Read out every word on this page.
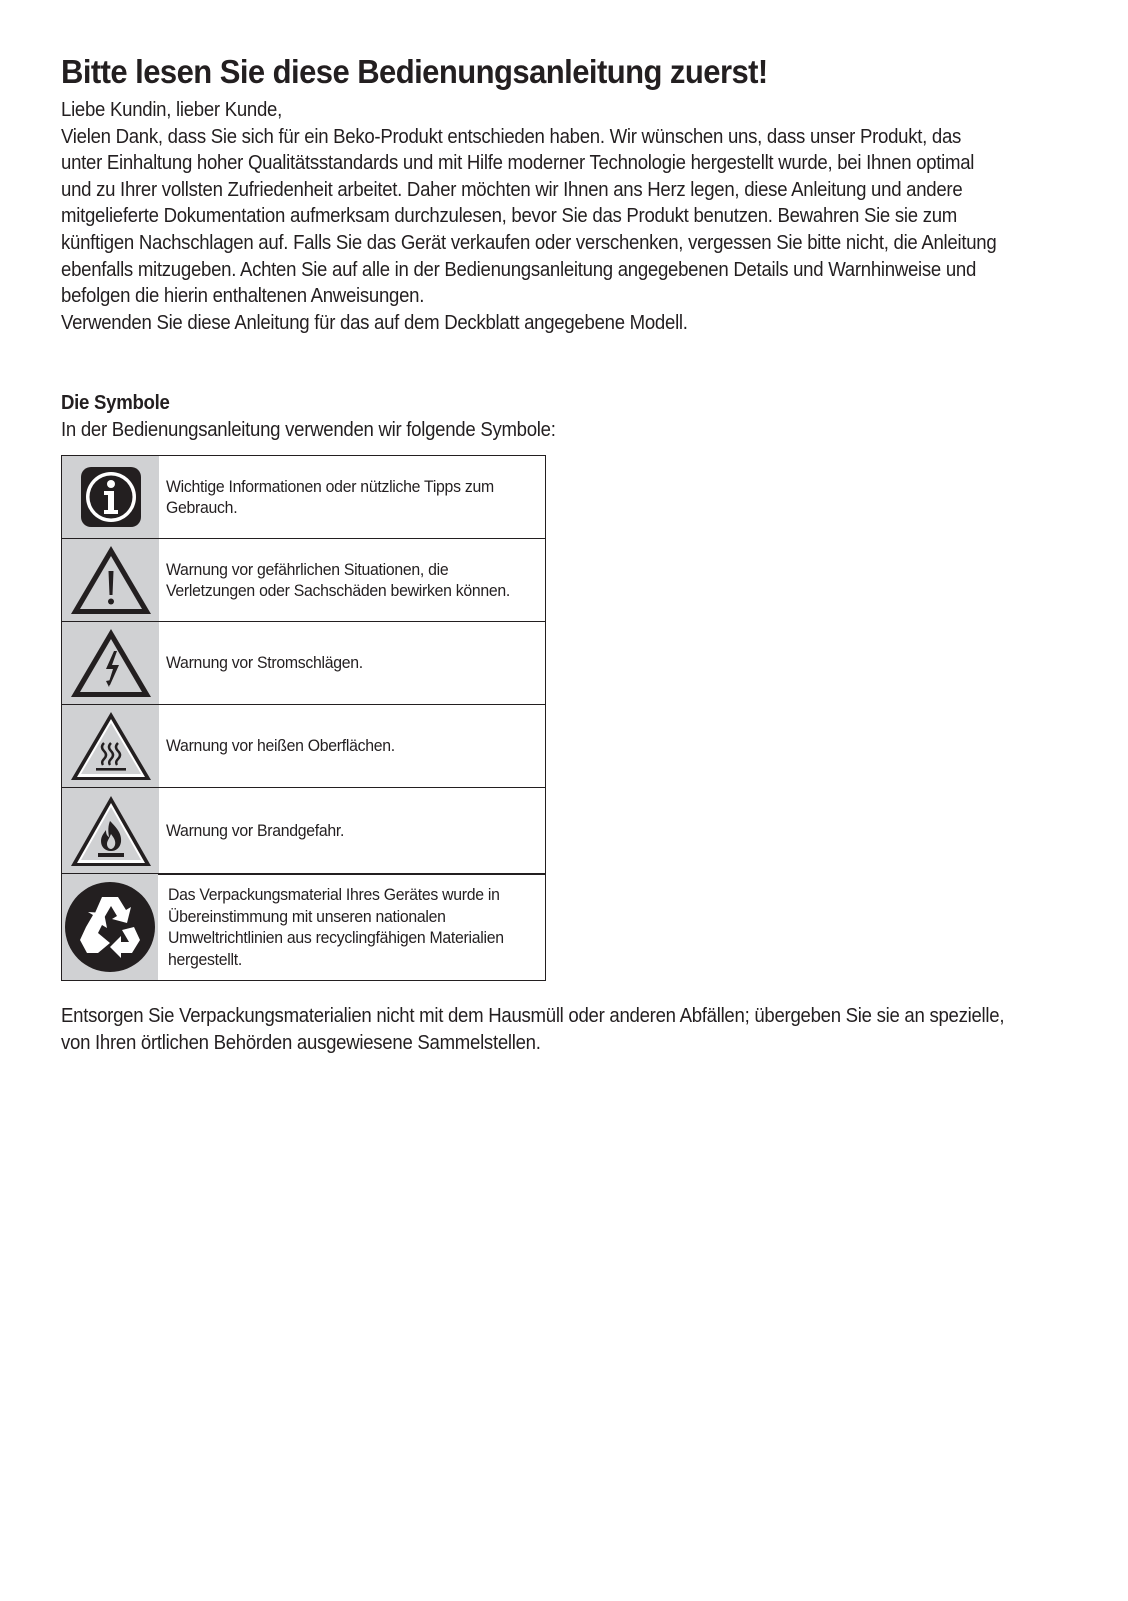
Bitte lesen Sie diese Bedienungsanleitung zuerst!

Liebe Kundin, lieber Kunde,

Vielen Dank, dass Sie sich für ein Beko-Produkt entschieden haben. Wir wünschen uns, dass unser Produkt, das

unter Einhaltung hoher Qualitätsstandards und mit Hilfe moderner Technologie hergestellt wurde, bei Ihnen optimal

und zu Ihrer vollsten Zufriedenheit arbeitet. Daher möchten wir Ihnen ans Herz legen, diese Anleitung und andere

mitgelieferte Dokumentation aufmerksam durchzulesen, bevor Sie das Produkt benutzen. Bewahren Sie sie zum

künftigen Nachschlagen auf. Falls Sie das Gerät verkaufen oder verschenken, vergessen Sie bitte nicht, die Anleitung

ebenfalls mitzugeben. Achten Sie auf alle in der Bedienungsanleitung angegebenen Details und Warnhinweise und

befolgen die hierin enthaltenen Anweisungen.

Verwenden Sie diese Anleitung für das auf dem Deckblatt angegebene Modell.

Die Symbole
In der Bedienungsanleitung verwenden wir folgende Symbole:
Wichtige Informationen oder nützliche Tipps zum Gebrauch.
Warnung vor gefährlichen Situationen, die Verletzungen oder Sachschäden bewirken können.
Warnung vor Stromschlägen.
Warnung vor heißen Oberflächen.
Warnung vor Brandgefahr.
Das Verpackungsmaterial Ihres Gerätes wurde in Übereinstimmung mit unseren nationalen Umweltrichtlinien aus recyclingfähigen Materialien hergestellt.

Entsorgen Sie Verpackungsmaterialien nicht mit dem Hausmüll oder anderen Abfällen; übergeben Sie sie an spezielle,

von Ihren örtlichen Behörden ausgewiesene Sammelstellen.
